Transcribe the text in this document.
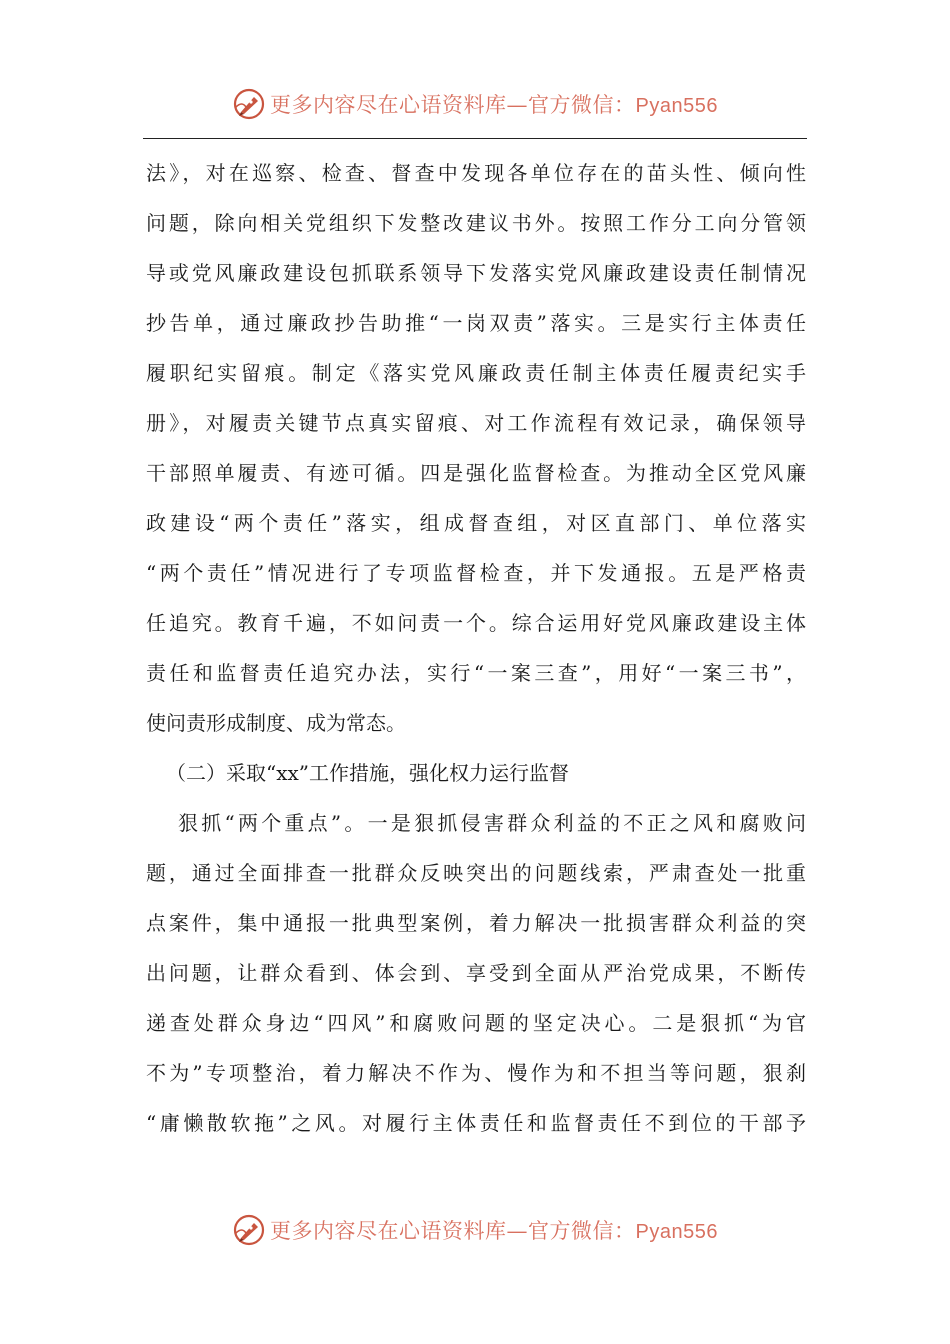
更多内容尽在心语资料库—官方微信：Pyan556
法》，对在巡察、检查、督查中发现各单位存在的苗头性、倾向性
问题，除向相关党组织下发整改建议书外。按照工作分工向分管领
导或党风廉政建设包抓联系领导下发落实党风廉政建设责任制情况
抄告单，通过廉政抄告助推“一岗双责”落实。三是实行主体责任
履职纪实留痕。制定《落实党风廉政责任制主体责任履责纪实手
册》，对履责关键节点真实留痕、对工作流程有效记录，确保领导
干部照单履责、有迹可循。四是强化监督检查。为推动全区党风廉
政建设“两个责任”落实，组成督查组，对区直部门、单位落实
“两个责任”情况进行了专项监督检查，并下发通报。五是严格责
任追究。教育千遍，不如问责一个。综合运用好党风廉政建设主体
责任和监督责任追究办法，实行“一案三查”，用好“一案三书”，
使问责形成制度、成为常态。
（二）采取“xx”工作措施，强化权力运行监督
狠抓“两个重点”。一是狠抓侵害群众利益的不正之风和腐败问
题，通过全面排查一批群众反映突出的问题线索，严肃查处一批重
点案件，集中通报一批典型案例，着力解决一批损害群众利益的突
出问题，让群众看到、体会到、享受到全面从严治党成果，不断传
递查处群众身边“四风”和腐败问题的坚定决心。二是狠抓“为官
不为”专项整治，着力解决不作为、慢作为和不担当等问题，狠刹
“庸懒散软拖”之风。对履行主体责任和监督责任不到位的干部予
更多内容尽在心语资料库—官方微信：Pyan556
